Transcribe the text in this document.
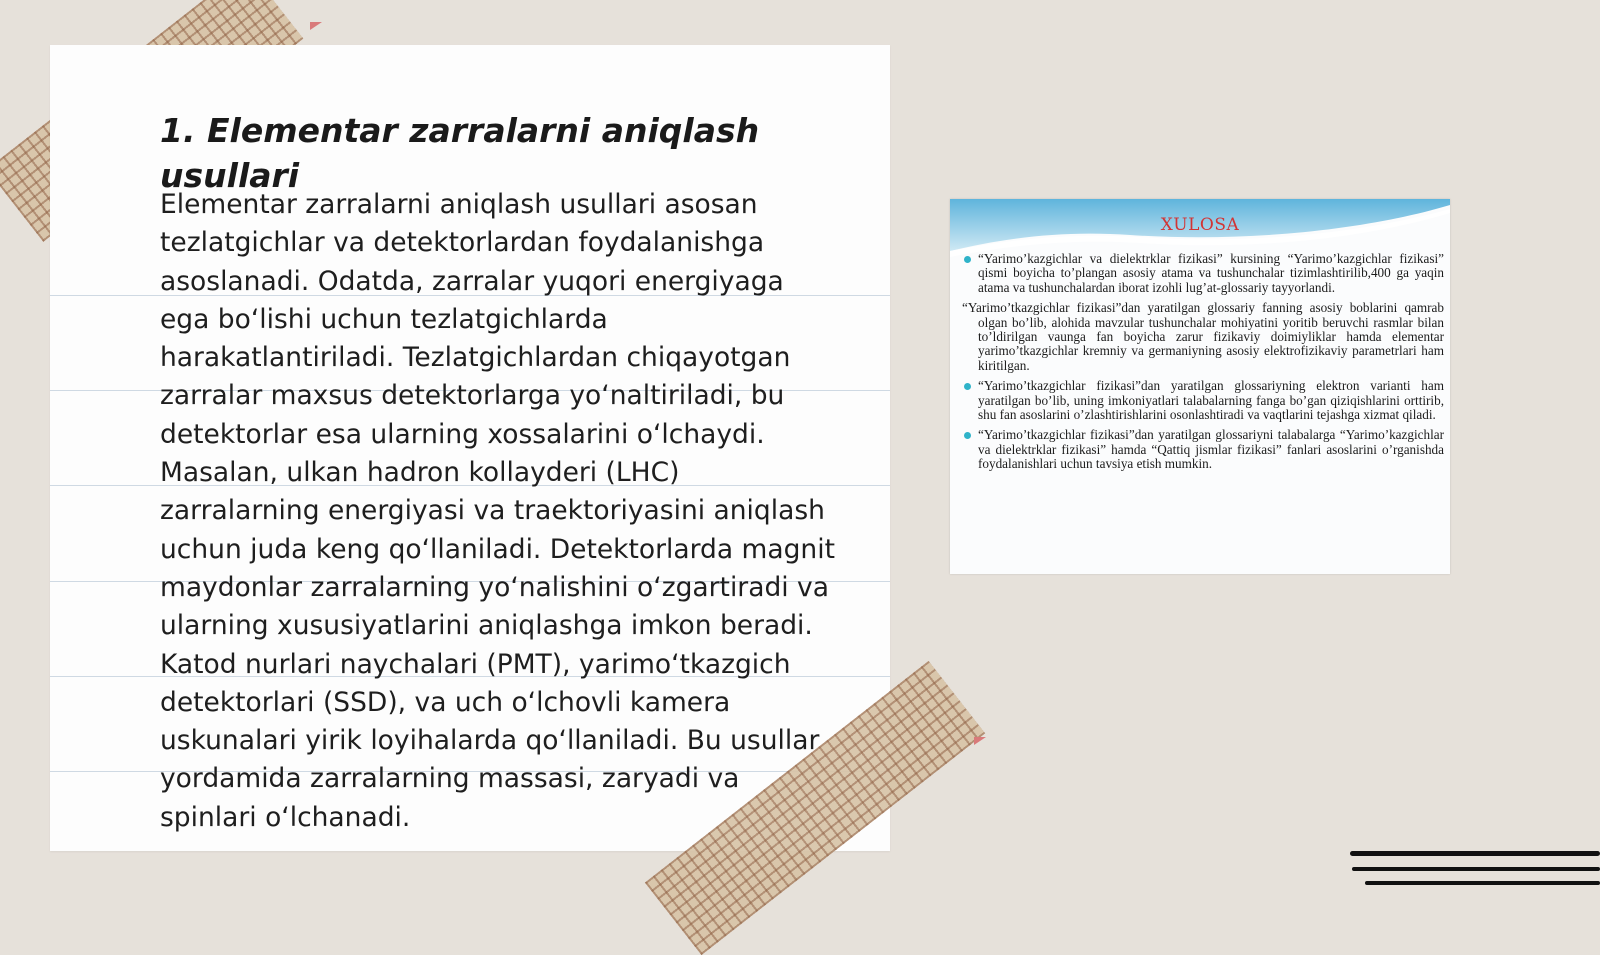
1. Elementar zarralarni aniqlash usullari

Elementar zarralarni aniqlash usullari asosan tezlatgichlar va detektorlardan foydalanishga asoslanadi. Odatda, zarralar yuqori energiyaga ega bo‘lishi uchun tezlatgichlarda harakatlantiriladi. Tezlatgichlardan chiqayotgan zarralar maxsus detektorlarga yo‘naltiriladi, bu detektorlar esa ularning xossalarini o‘lchaydi. Masalan, ulkan hadron kollayderi (LHC) zarralarning energiyasi va traektoriyasini aniqlash uchun juda keng qo‘llaniladi. Detektorlarda magnit maydonlar zarralarning yo‘nalishini o‘zgartiradi va ularning xususiyatlarini aniqlashga imkon beradi. Katod nurlari naychalari (PMT), yarimo‘tkazgich detektorlari (SSD), va uch o‘lchovli kamera uskunalari yirik loyihalarda qo‘llaniladi. Bu usullar yordamida zarralarning massasi, zaryadi va spinlari o‘lchanadi.

XULOSA
“Yarimo’kazgichlar va dielektrklar fizikasi” kursining “Yarimo’kazgichlar fizikasi” qismi boyicha to’plangan asosiy atama va tushunchalar tizimlashtirilib,400 ga yaqin atama va tushunchalardan iborat izohli lug’at-glossariy tayyorlandi.
“Yarimo’tkazgichlar fizikasi”dan yaratilgan glossariy fanning asosiy boblarini qamrab olgan bo’lib, alohida mavzular tushunchalar mohiyatini yoritib beruvchi rasmlar bilan to’ldirilgan vaunga fan boyicha zarur fizikaviy doimiyliklar hamda elementar yarimo’tkazgichlar kremniy va germaniyning asosiy elektrofizikaviy parametrlari ham kiritilgan.
“Yarimo’tkazgichlar fizikasi”dan yaratilgan glossariyning elektron varianti ham yaratilgan bo’lib, uning imkoniyatlari talabalarning fanga bo’gan qiziqishlarini orttirib, shu fan asoslarini o’zlashtirishlarini osonlashtiradi va vaqtlarini tejashga xizmat qiladi.
“Yarimo’tkazgichlar fizikasi”dan yaratilgan glossariyni talabalarga “Yarimo’kazgichlar va dielektrklar fizikasi” hamda “Qattiq jismlar fizikasi” fanlari asoslarini o’rganishda foydalanishlari uchun tavsiya etish mumkin.
